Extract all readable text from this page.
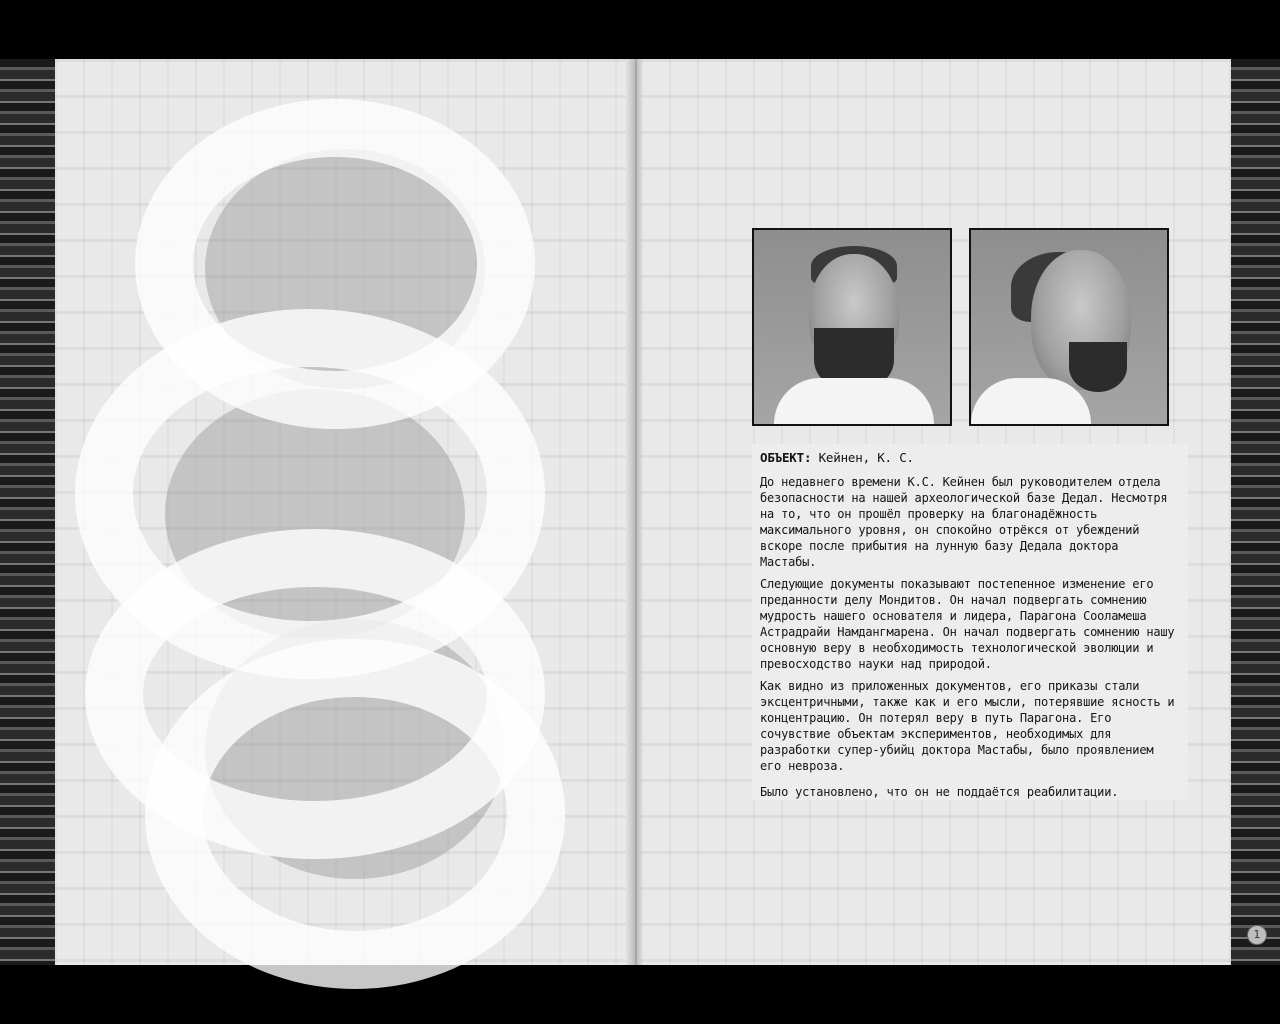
ОБЪЕКТ: Кейнен, К. С.

До недавнего времени К.С. Кейнен был руководителем отдела безопасности на нашей археологической базе Дедал. Несмотря на то, что он прошёл проверку на благонадёжность максимального уровня, он спокойно отрёкся от убеждений вскоре после прибытия на лунную базу Дедала доктора Мастабы.

Следующие документы показывают постепенное изменение его преданности делу Мондитов. Он начал подвергать сомнению мудрость нашего основателя и лидера, Парагона Сооламеша Астрадрайи Намдангмарена. Он начал подвергать сомнению нашу основную веру в необходимость технологической эволюции и превосходство науки над природой.

Как видно из приложенных документов, его приказы стали эксцентричными, также как и его мысли, потерявшие ясность и концентрацию. Он потерял веру в путь Парагона. Его сочувствие объектам экспериментов, необходимых для разработки супер-убийц доктора Мастабы, было проявлением его невроза.

Было установлено, что он не поддаётся реабилитации.

1
